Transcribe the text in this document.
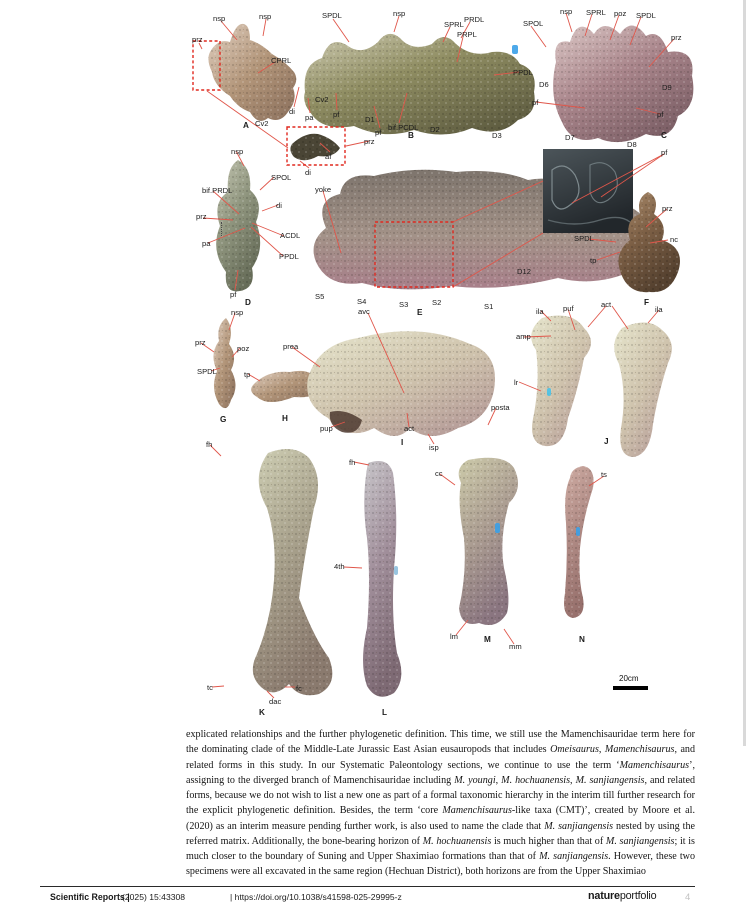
nsp	nsp
prz
CPRL
A Cv2
Cv2
di
pa	pf
prz
af
di
SPDL	nsp
SPRL
PRDL
PRPL
SPOL
D1
pf
bif.PCDL D2
B	D3
PPDL
D6
pf
nsp SPRL poz SPDL
prz
D9
pf
D7
D8
C
pf
nsp
SPOL
bif.PRDL
di
prz
ACDL
pa
PPDL
pf
D
yoke
D12
S5
S4
avc
S3
E
S2	S1
prz
SPDL	nc
tp
F
nsp
prz
poz
SPDL
G
tp
H
prea
pup	act
I
isp
posta
ila	puf	act
ila
amp
lr
J
fh
tc	fc
dac
K
fh
4th
L
cc
lm	M
mm
ts
N
20cm

explicated relationships and the further phylogenetic definition. This time, we still use the Mamenchisauridae term here for the dominating clade of the Middle-Late Jurassic East Asian eusauropods that includes Omeisaurus, Mamenchisaurus, and related forms in this study. In our Systematic Paleontology sections, we continue to use the term ‘Mamenchisaurus’, assigning to the diverged branch of Mamenchisauridae including M. youngi, M. hochuanensis, M. sanjiangensis, and related forms, because we do not wish to list a new one as part of a formal taxonomic hierarchy in the interim till further research for the explicit phylogenetic definition. Besides, the term ‘core Mamenchisaurus-like taxa (CMT)’, created by Moore et al. (2020) as an interim measure pending further work, is also used to name the clade that M. sanjiangensis nested by using the referred matrix. Additionally, the bone-bearing horizon of M. hochuanensis is much higher than that of M. sanjiangensis; it is much closer to the boundary of Suning and Upper Shaximiao formations than that of M. sanjiangensis. However, these two specimens were all excavated in the same region (Hechuan District), both horizons are from the Upper Shaximiao

Scientific Reports |
(2025) 15:43308	| https://doi.org/10.1038/s41598-025-29995-z	natureportfolio	4
